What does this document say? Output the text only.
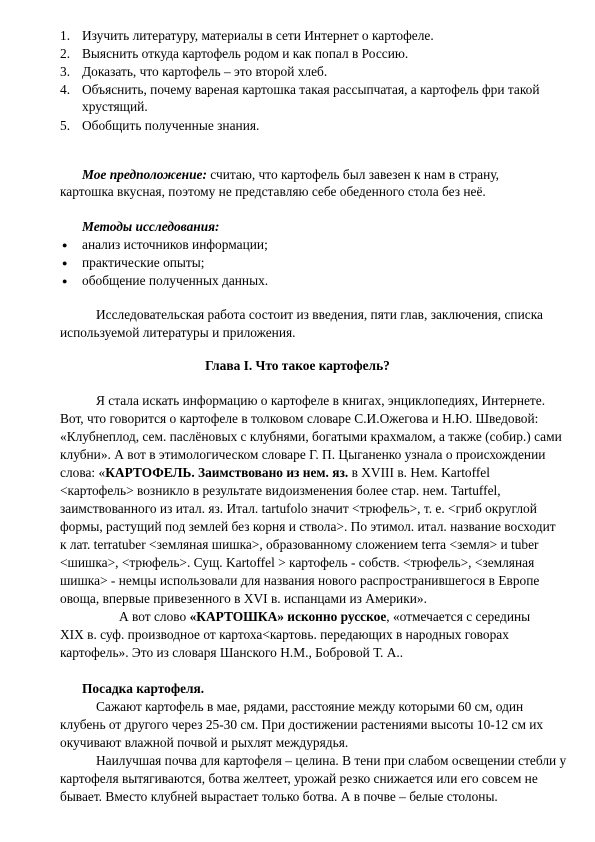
1. Изучить литературу, материалы в сети Интернет о картофеле.
2. Выяснить откуда картофель родом и как попал в Россию.
3. Доказать, что картофель – это второй хлеб.
4. Объяснить, почему вареная картошка такая рассыпчатая, а картофель фри такой
хрустящий.
5. Обобщить полученные знания.
Мое предположение: считаю, что картофель был завезен к нам в страну,
картошка вкусная, поэтому не представляю себе обеденного стола без неё.
Методы исследования:
● анализ источников информации;
● практические опыты;
● обобщение полученных данных.
Исследовательская работа состоит из введения, пяти глав, заключения, списка
используемой литературы и приложения.
Глава I. Что такое картофель?
Я стала искать информацию о картофеле в книгах, энциклопедиях, Интернете.
Вот, что говорится о картофеле в толковом словаре С.И.Ожегова и Н.Ю. Шведовой:
«Клубнеплод, сем. паслёновых с клубнями, богатыми крахмалом, а также (собир.) сами
клубни». А вот в этимологическом словаре Г. П. Цыганенко узнала о происхождении
слова: «КАРТОФЕЛЬ. Заимствовано из нем. яз. в XVIII в. Нем. Kartoffel
<картофель> возникло в результате видоизменения более стар. нем. Tartuffel,
заимствованного из итал. яз. Итал. tartufolo значит <трюфель>, т. е. <гриб округлой
формы, растущий под землей без корня и ствола>. По этимол. итал. название восходит
к лат. terratuber <земляная шишка>, образованному сложением terra <земля> и tuber
<шишка>, <трюфель>. Сущ. Kartoffel > картофель - собств. <трюфель>, <земляная
шишка> - немцы использовали для названия нового распространившегося в Европе
овоща, впервые привезенного в XVI в. испанцами из Америки».
А вот слово «КАРТОШКА» исконно русское, «отмечается с середины
XIX в. суф. производное от картоха<картовь. передающих в народных говорах
картофель». Это из словаря Шанского Н.М., Бобровой Т. А..
Посадка картофеля.
Сажают картофель в мае, рядами, расстояние между которыми 60 см, один
клубень от другого через 25-30 см. При достижении растениями высоты 10-12 см их
окучивают влажной почвой и рыхлят междурядья.
Наилучшая почва для картофеля – целина. В тени при слабом освещении стебли у
картофеля вытягиваются, ботва желтеет, урожай резко снижается или его совсем не
бывает. Вместо клубней вырастает только ботва. А в почве – белые столоны.
